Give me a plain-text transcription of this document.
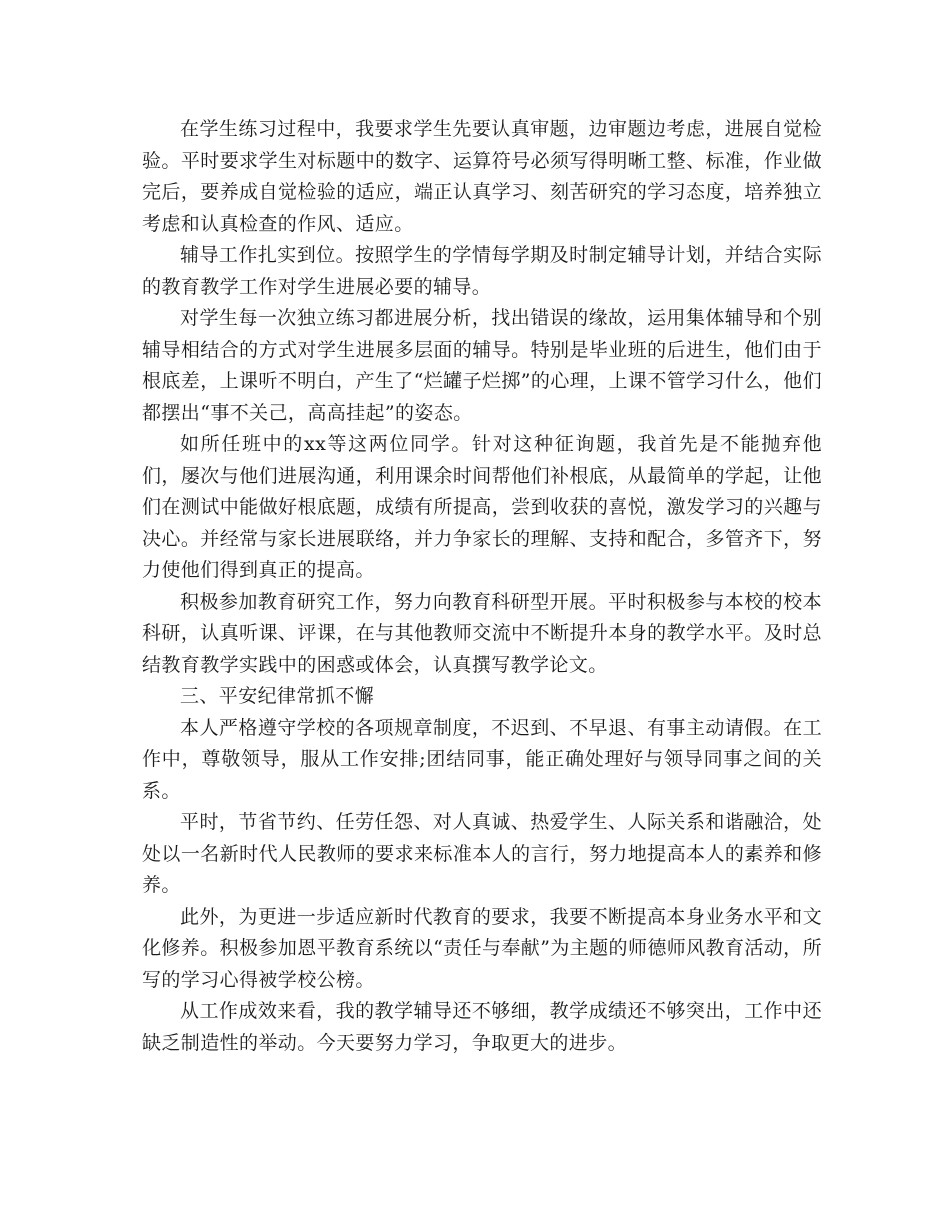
在学生练习过程中，我要求学生先要认真审题，边审题边考虑，进展自觉检验。平时要求学生对标题中的数字、运算符号必须写得明晰工整、标准，作业做完后，要养成自觉检验的适应，端正认真学习、刻苦研究的学习态度，培养独立考虑和认真检查的作风、适应。

辅导工作扎实到位。按照学生的学情每学期及时制定辅导计划，并结合实际的教育教学工作对学生进展必要的辅导。

对学生每一次独立练习都进展分析，找出错误的缘故，运用集体辅导和个别辅导相结合的方式对学生进展多层面的辅导。特别是毕业班的后进生，他们由于根底差，上课听不明白，产生了“烂罐子烂掷”的心理，上课不管学习什么，他们都摆出“事不关己，高高挂起”的姿态。

如所任班中的xx等这两位同学。针对这种征询题，我首先是不能抛弃他们，屡次与他们进展沟通，利用课余时间帮他们补根底，从最简单的学起，让他们在测试中能做好根底题，成绩有所提高，尝到收获的喜悦，激发学习的兴趣与决心。并经常与家长进展联络，并力争家长的理解、支持和配合，多管齐下，努力使他们得到真正的提高。

积极参加教育研究工作，努力向教育科研型开展。平时积极参与本校的校本科研，认真听课、评课，在与其他教师交流中不断提升本身的教学水平。及时总结教育教学实践中的困惑或体会，认真撰写教学论文。

三、平安纪律常抓不懈

本人严格遵守学校的各项规章制度，不迟到、不早退、有事主动请假。在工作中，尊敬领导，服从工作安排;团结同事，能正确处理好与领导同事之间的关系。

平时，节省节约、任劳任怨、对人真诚、热爱学生、人际关系和谐融洽，处处以一名新时代人民教师的要求来标准本人的言行，努力地提高本人的素养和修养。

此外，为更进一步适应新时代教育的要求，我要不断提高本身业务水平和文化修养。积极参加恩平教育系统以“责任与奉献”为主题的师德师风教育活动，所写的学习心得被学校公榜。

从工作成效来看，我的教学辅导还不够细，教学成绩还不够突出，工作中还缺乏制造性的举动。今天要努力学习，争取更大的进步。
